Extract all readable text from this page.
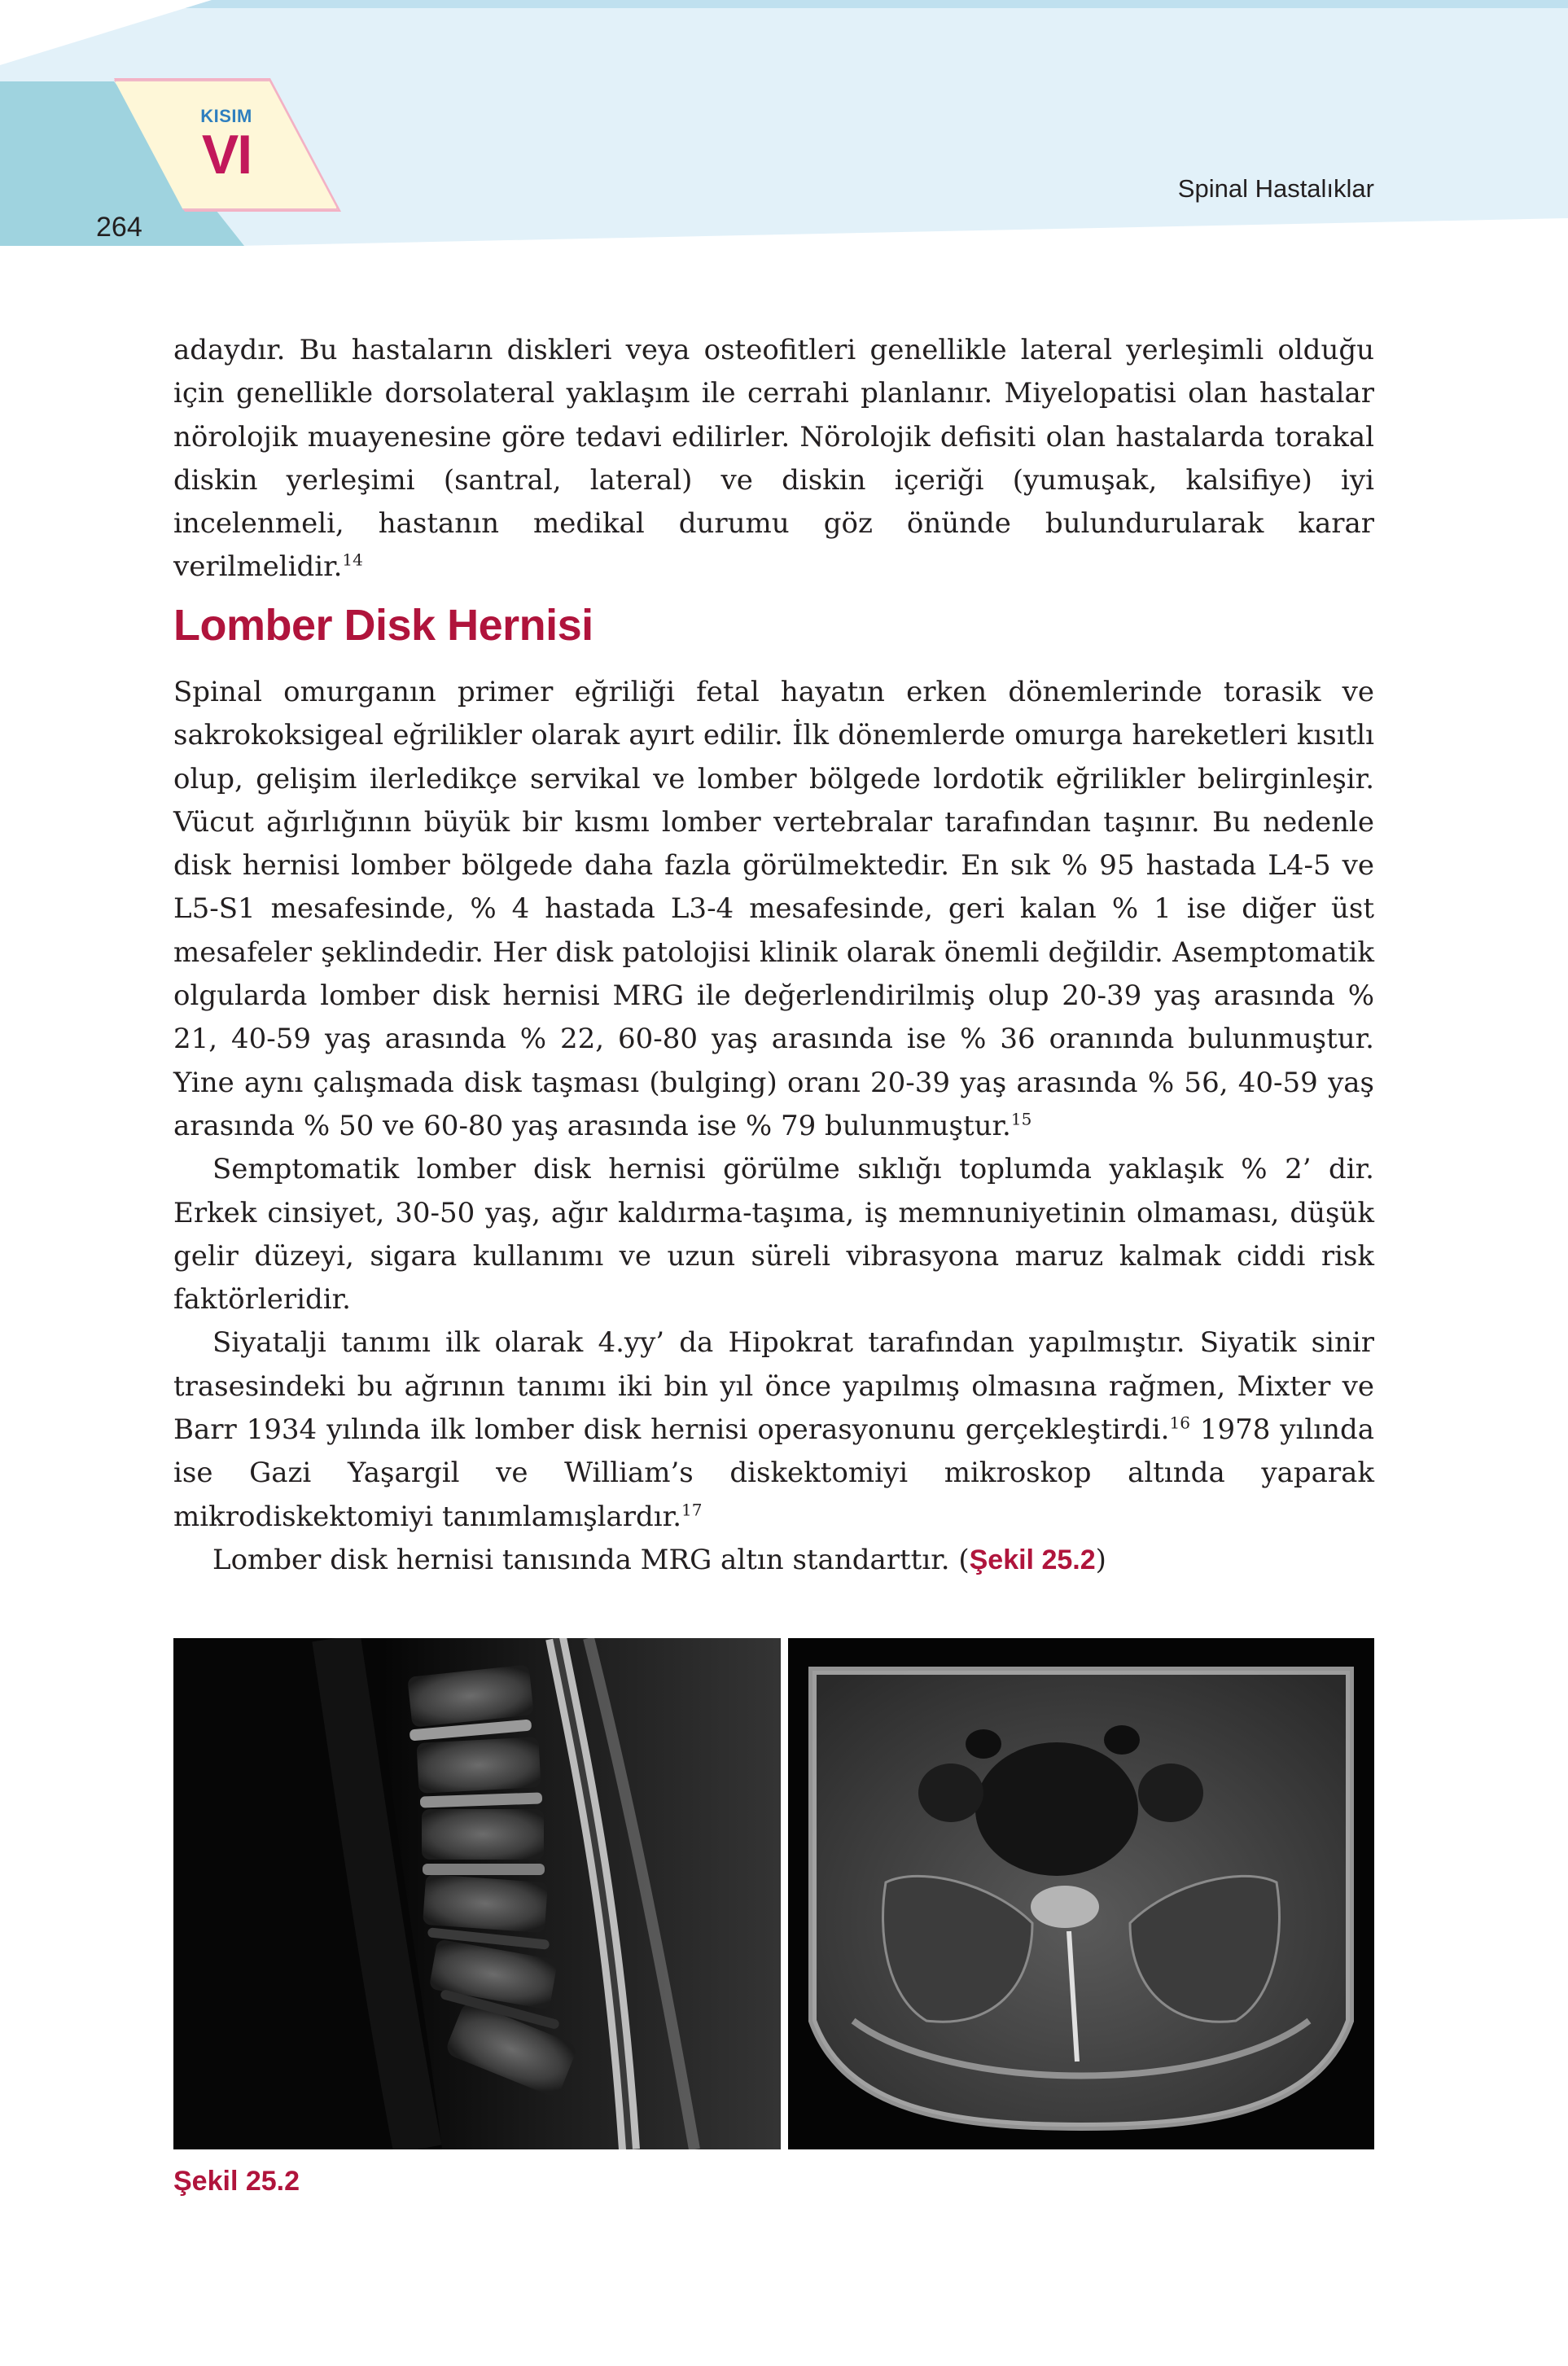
KISIM
VI
264
Spinal Hastalıklar

adaydır. Bu hastaların diskleri veya osteofitleri genellikle lateral yerleşimli olduğu için genellikle dorsolateral yaklaşım ile cerrahi planlanır. Miyelopatisi olan hastalar nörolojik muayenesine göre tedavi edilirler. Nörolojik defisiti olan hastalarda torakal diskin yerleşimi (santral, lateral) ve diskin içeriği (yumuşak, kalsifiye) iyi incelenmeli, hastanın medikal durumu göz önünde bulundurularak karar verilmelidir.$^{14}$

Lomber Disk Hernisi

Spinal omurganın primer eğriliği fetal hayatın erken dönemlerinde torasik ve sakrokoksigeal eğrilikler olarak ayırt edilir. İlk dönemlerde omurga hareketleri kısıtlı olup, gelişim ilerledikçe servikal ve lomber bölgede lordotik eğrilikler belirginleşir. Vücut ağırlığının büyük bir kısmı lomber vertebralar tarafından taşınır. Bu nedenle disk hernisi lomber bölgede daha fazla görülmektedir. En sık % 95 hastada L4-5 ve L5-S1 mesafesinde, % 4 hastada L3-4 mesafesinde, geri kalan % 1 ise diğer üst mesafeler şeklindedir. Her disk patolojisi klinik olarak önemli değildir. Asemptomatik olgularda lomber disk hernisi MRG ile değerlendirilmiş olup 20-39 yaş arasında % 21, 40-59 yaş arasında % 22, 60-80 yaş arasında ise % 36 oranında bulunmuştur. Yine aynı çalışmada disk taşması (bulging) oranı 20-39 yaş arasında % 56, 40-59 yaş arasında % 50 ve 60-80 yaş arasında ise % 79 bulunmuştur.$^{15}$

Semptomatik lomber disk hernisi görülme sıklığı toplumda yaklaşık % 2’ dir. Erkek cinsiyet, 30-50 yaş, ağır kaldırma-taşıma, iş memnuniyetinin olmaması, düşük gelir düzeyi, sigara kullanımı ve uzun süreli vibrasyona maruz kalmak ciddi risk faktörleridir.

Siyatalji tanımı ilk olarak 4.yy’ da Hipokrat tarafından yapılmıştır. Siyatik sinir trasesindeki bu ağrının tanımı iki bin yıl önce yapılmış olmasına rağmen, Mixter ve Barr 1934 yılında ilk lomber disk hernisi operasyonunu gerçekleştirdi.$^{16}$ 1978 yılında ise Gazi Yaşargil ve William’s diskektomiyi mikroskop altında yaparak mikrodiskektomiyi tanımlamışlardır.$^{17}$

Lomber disk hernisi tanısında MRG altın standarttır. (Şekil 25.2)

Şekil 25.2
